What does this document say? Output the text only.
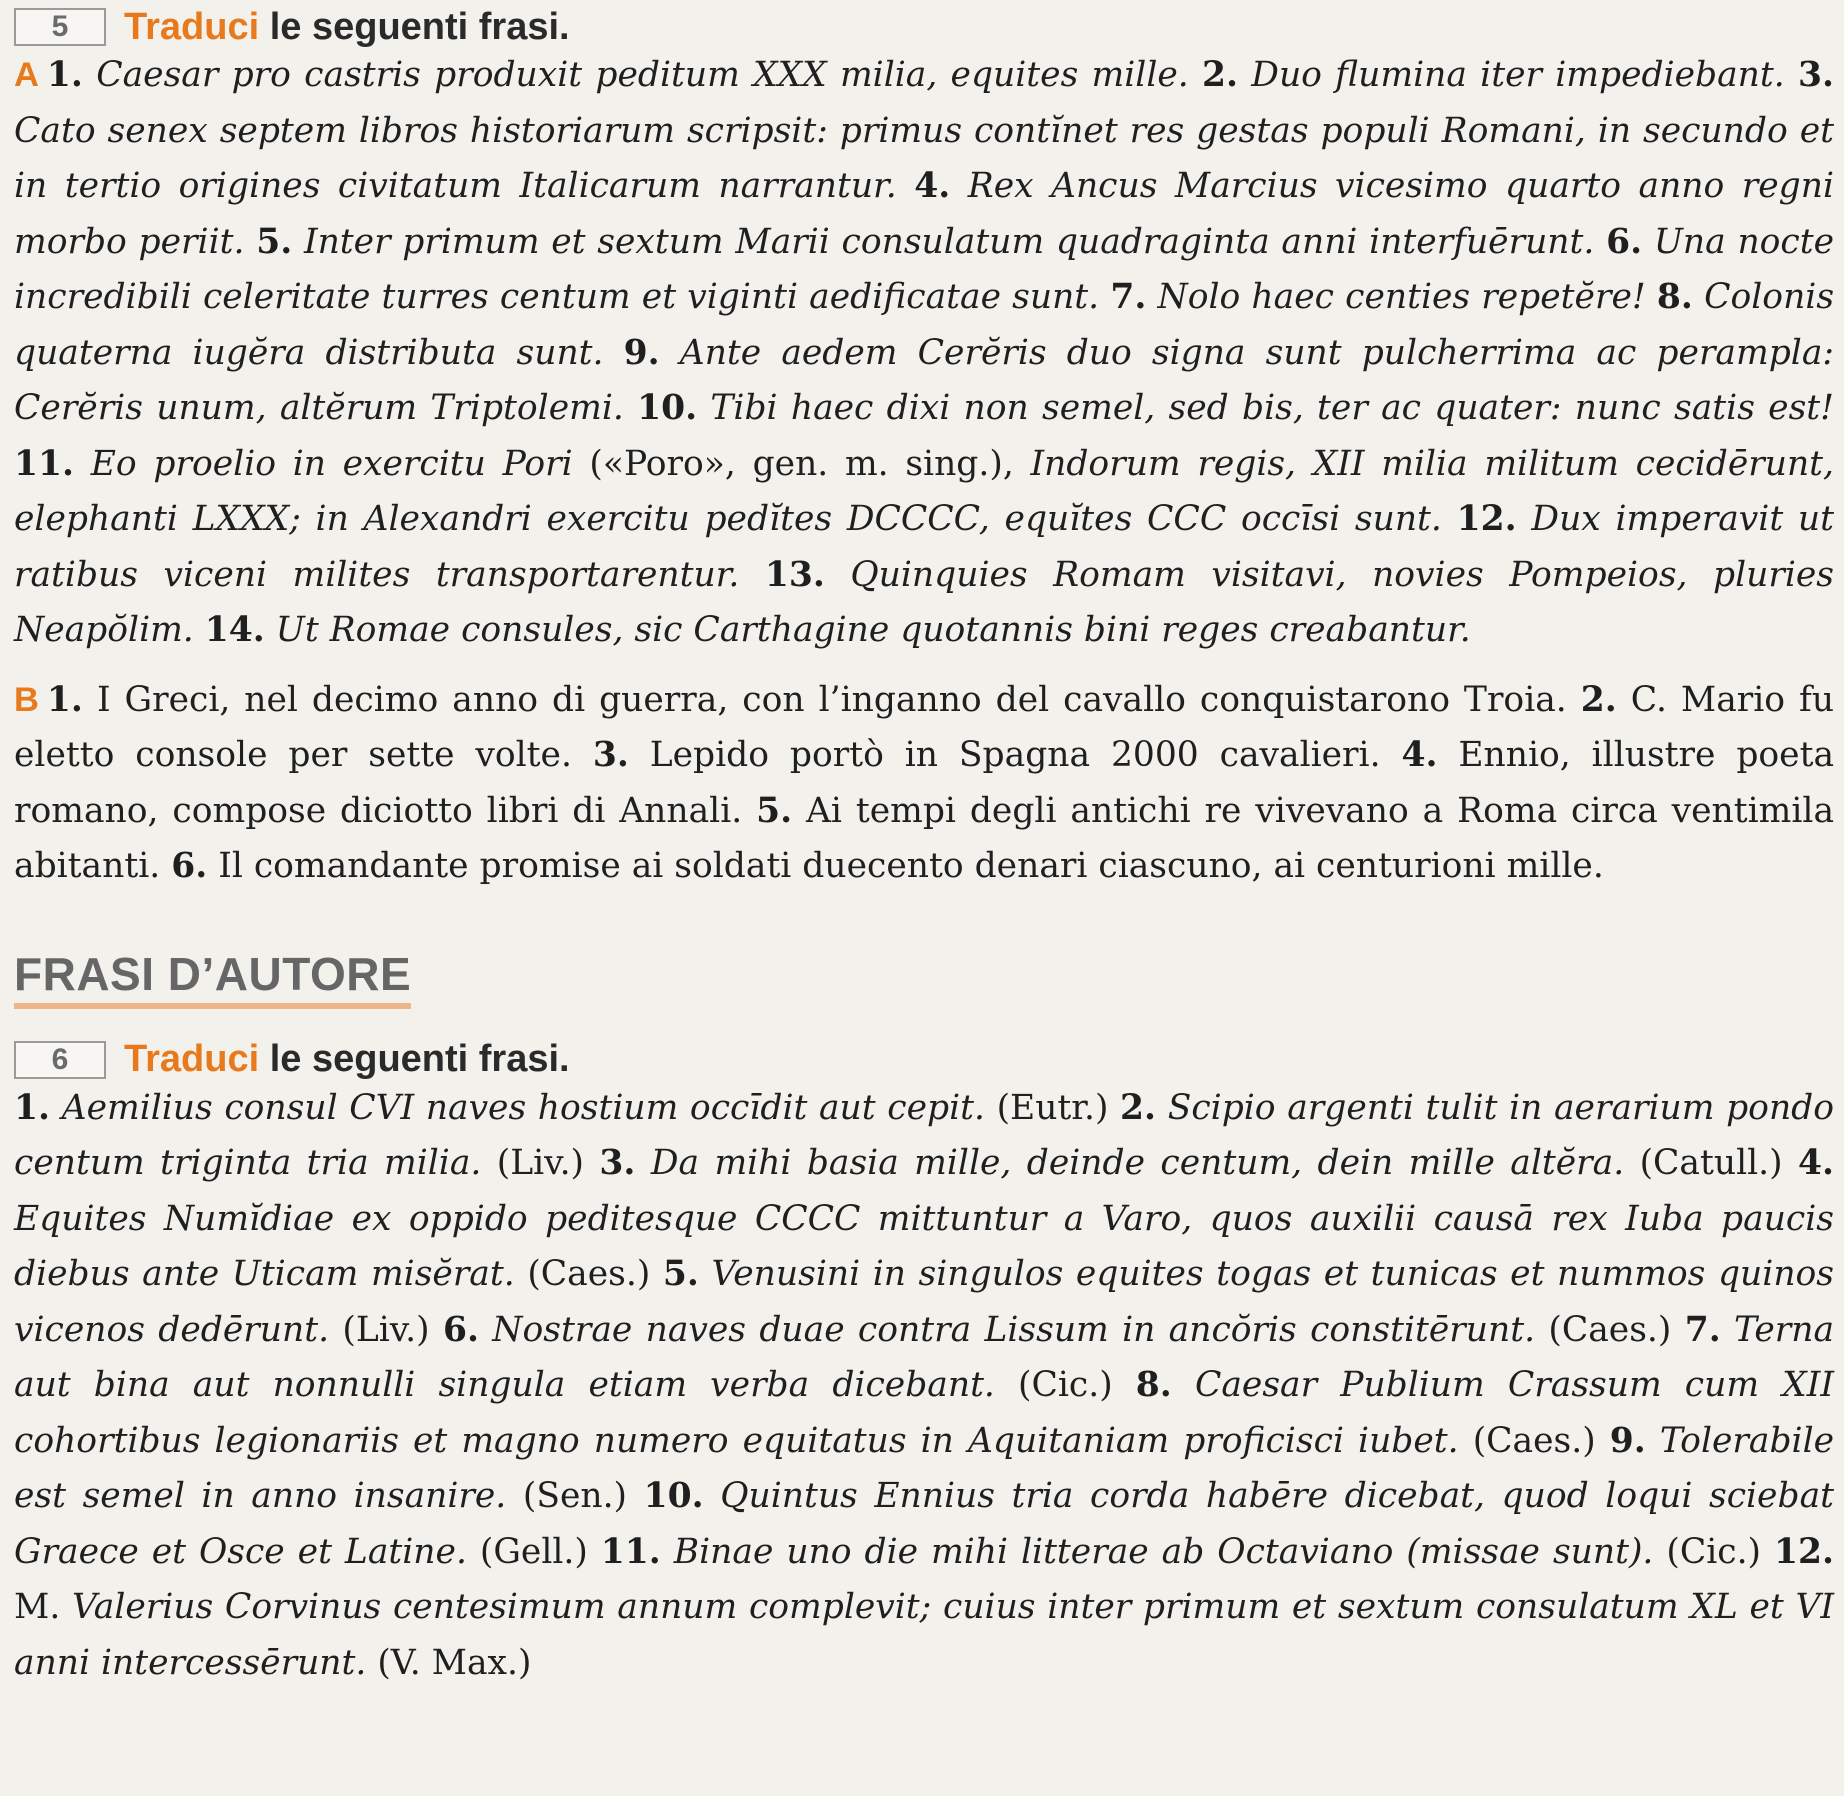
5	Traduci le seguenti frasi.

A 1. Caesar pro castris produxit peditum XXX milia, equites mille. 2. Duo flumina iter impediebant. 3. Cato senex septem libros historiarum scripsit: primus contĭnet res gestas populi Romani, in secundo et in tertio origines civitatum Italicarum narrantur. 4. Rex Ancus Marcius vicesimo quarto anno regni morbo periit. 5. Inter primum et sextum Marii consulatum quadraginta anni interfuērunt. 6. Una nocte incredibili celeritate turres centum et viginti aedificatae sunt. 7. Nolo haec centies repetĕre! 8. Colonis quaterna iugĕra distributa sunt. 9. Ante aedem Cerĕris duo signa sunt pulcherrima ac perampla: Cerĕris unum, altĕrum Triptolemi. 10. Tibi haec dixi non semel, sed bis, ter ac quater: nunc satis est! 11. Eo proelio in exercitu Pori («Poro», gen. m. sing.), Indorum regis, XII milia militum cecidērunt, elephanti LXXX; in Alexandri exercitu pedĭtes DCCCC, equĭtes CCC occīsi sunt. 12. Dux imperavit ut ratibus viceni milites transportarentur. 13. Quinquies Romam visitavi, novies Pompeios, pluries Neapŏlim. 14. Ut Romae consules, sic Carthagine quotannis bini reges creabantur.

B 1. I Greci, nel decimo anno di guerra, con l’inganno del cavallo conquistarono Troia. 2. C. Mario fu eletto console per sette volte. 3. Lepido portò in Spagna 2000 cavalieri. 4. Ennio, illustre poeta romano, compose diciotto libri di Annali. 5. Ai tempi degli antichi re vivevano a Roma circa ventimila abitanti. 6. Il comandante promise ai soldati duecento denari ciascuno, ai centurioni mille.

FRASI D’AUTORE
6	Traduci le seguenti frasi.

1. Aemilius consul CVI naves hostium occīdit aut cepit. (Eutr.) 2. Scipio argenti tulit in aerarium pondo centum triginta tria milia. (Liv.) 3. Da mihi basia mille, deinde centum, dein mille altĕra. (Catull.) 4. Equites Numĭdiae ex oppido peditesque CCCC mittuntur a Varo, quos auxilii causā rex Iuba paucis diebus ante Uticam misĕrat. (Caes.) 5. Venusini in singulos equites togas et tunicas et nummos quinos vicenos dedērunt. (Liv.) 6. Nostrae naves duae contra Lissum in ancŏris constitērunt. (Caes.) 7. Terna aut bina aut nonnulli singula etiam verba dicebant. (Cic.) 8. Caesar Publium Crassum cum XII cohortibus legionariis et magno numero equitatus in Aquitaniam proficisci iubet. (Caes.) 9. Tolerabile est semel in anno insanire. (Sen.) 10. Quintus Ennius tria corda habēre dicebat, quod loqui sciebat Graece et Osce et Latine. (Gell.) 11. Binae uno die mihi litterae ab Octaviano (missae sunt). (Cic.) 12. M. Valerius Corvinus centesimum annum complevit; cuius inter primum et sextum consulatum XL et VI anni intercessērunt. (V. Max.)
